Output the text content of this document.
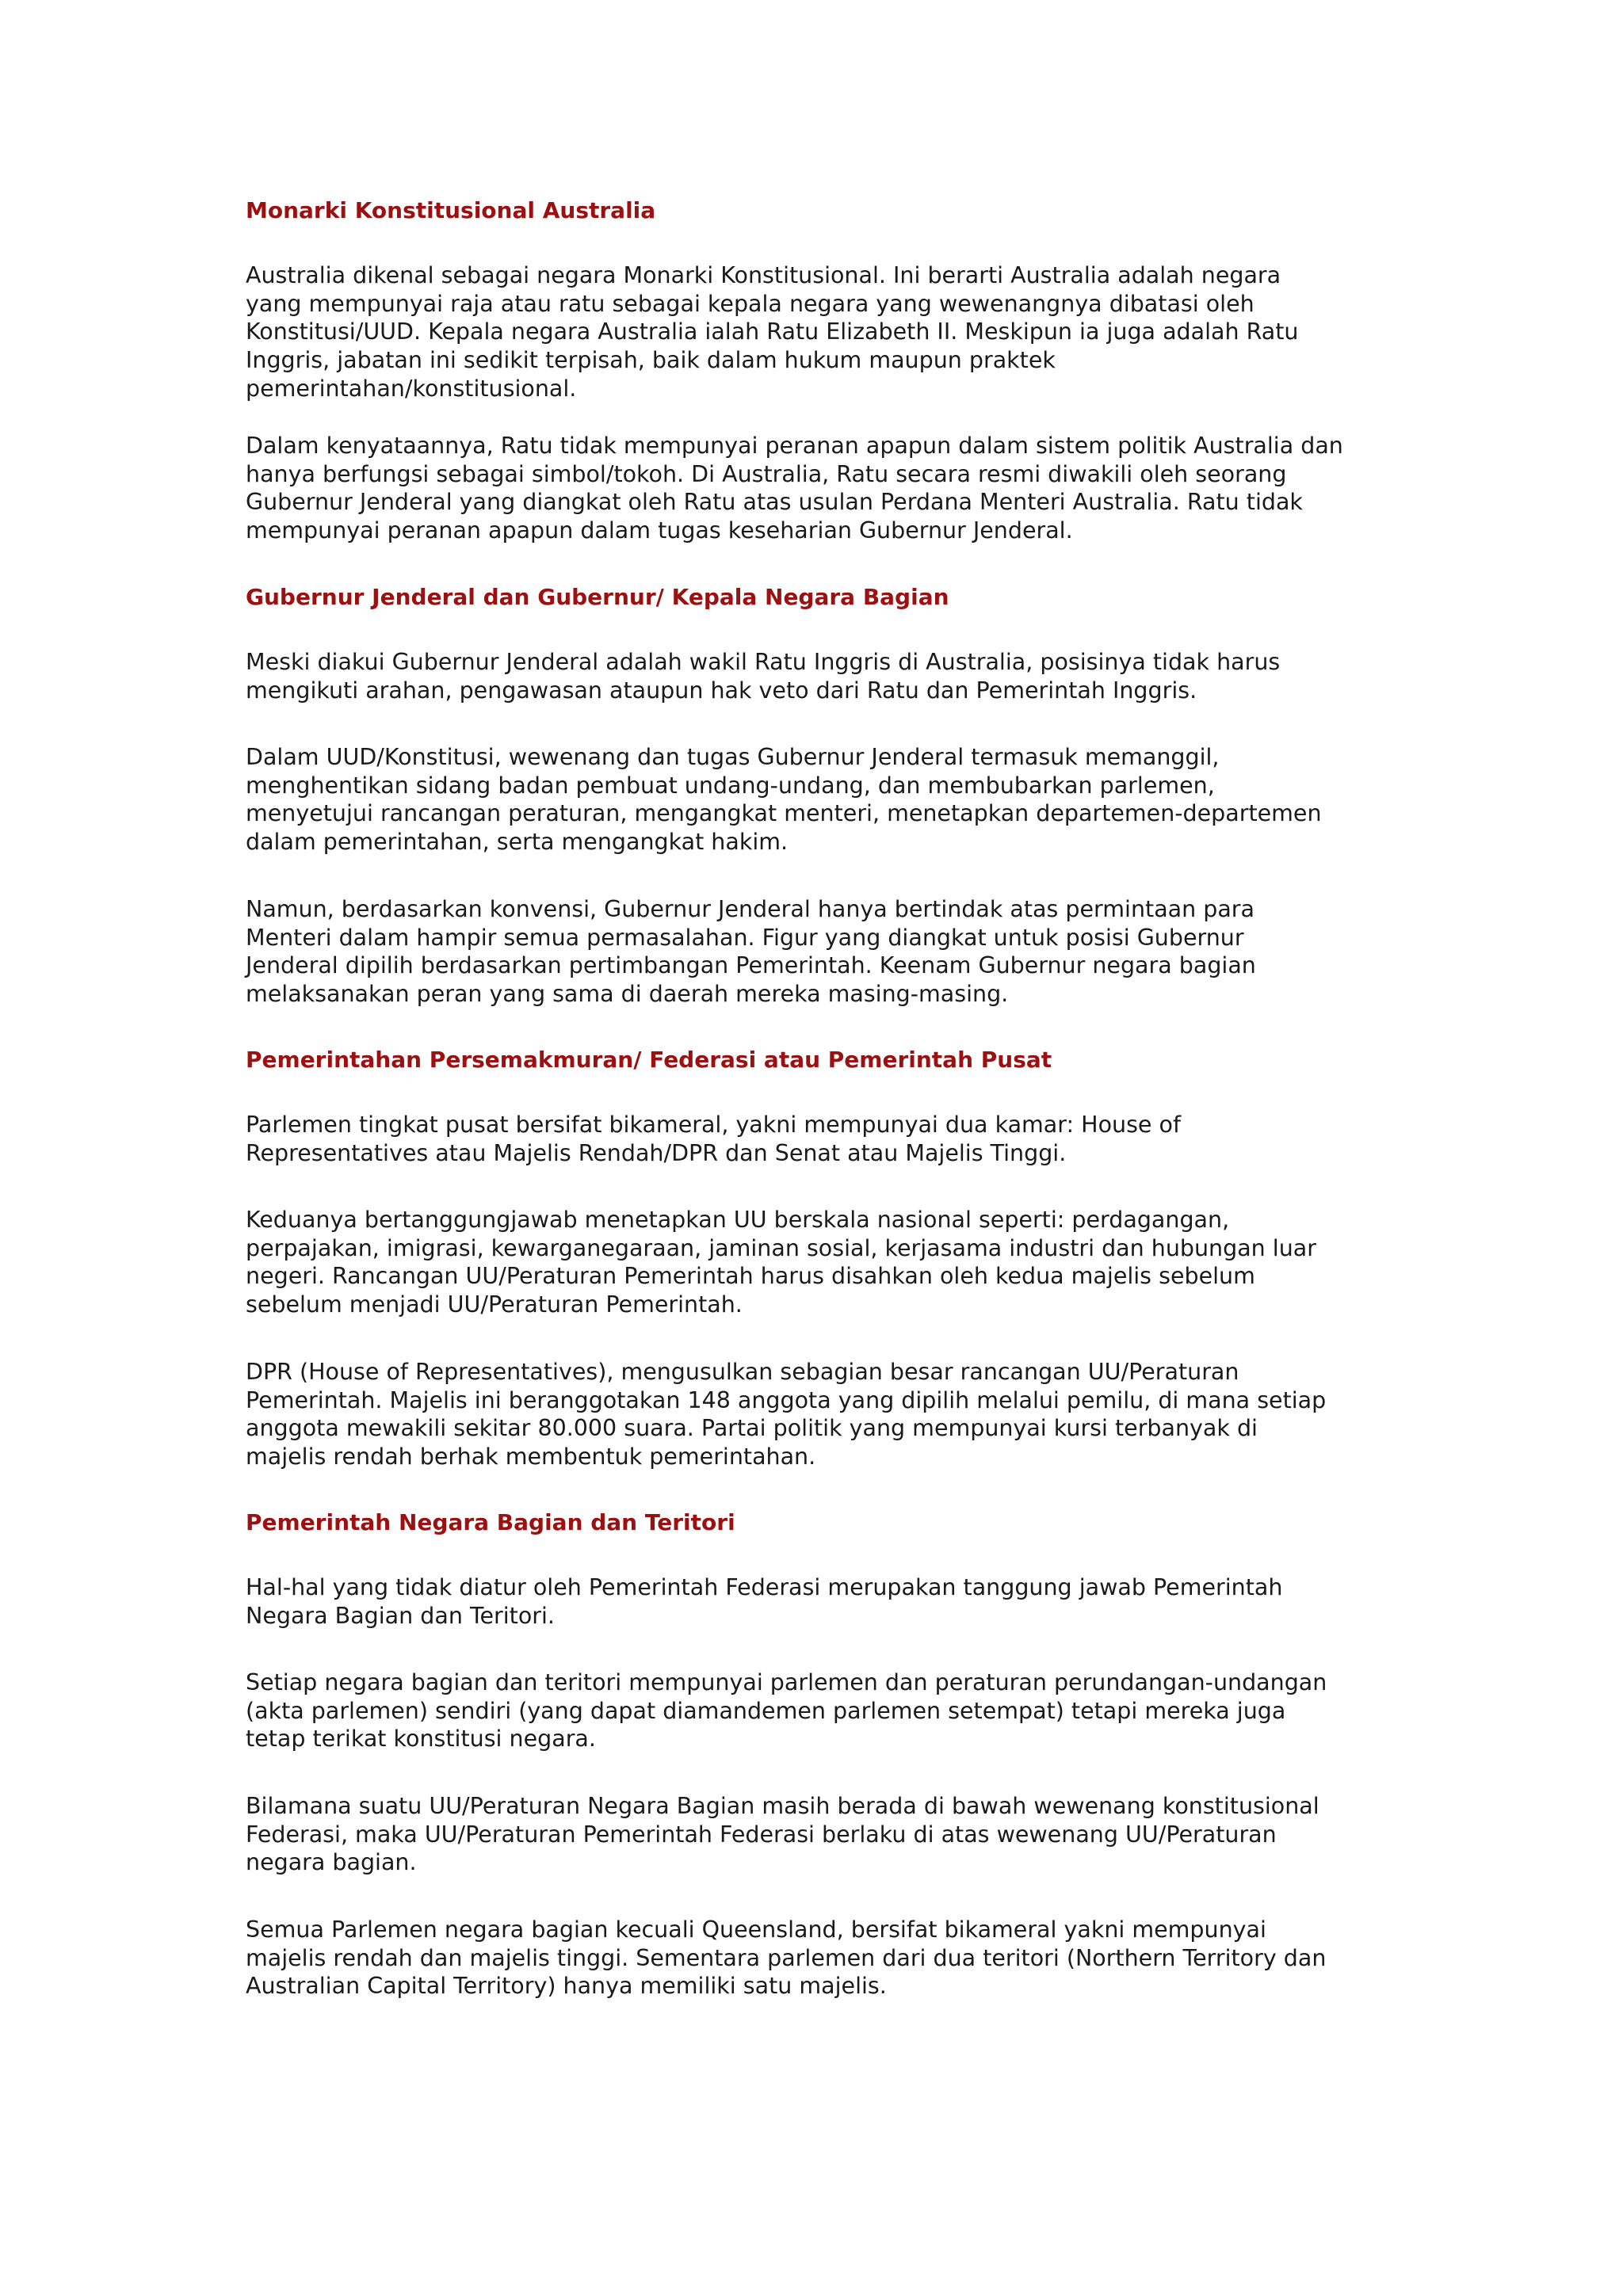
Monarki Konstitusional Australia

Australia dikenal sebagai negara Monarki Konstitusional. Ini berarti Australia adalah negara
yang mempunyai raja atau ratu sebagai kepala negara yang wewenangnya dibatasi oleh
Konstitusi/UUD. Kepala negara Australia ialah Ratu Elizabeth II. Meskipun ia juga adalah Ratu
Inggris, jabatan ini sedikit terpisah, baik dalam hukum maupun praktek
pemerintahan/konstitusional.

Dalam kenyataannya, Ratu tidak mempunyai peranan apapun dalam sistem politik Australia dan
hanya berfungsi sebagai simbol/tokoh. Di Australia, Ratu secara resmi diwakili oleh seorang
Gubernur Jenderal yang diangkat oleh Ratu atas usulan Perdana Menteri Australia. Ratu tidak
mempunyai peranan apapun dalam tugas keseharian Gubernur Jenderal.

Gubernur Jenderal dan Gubernur/ Kepala Negara Bagian

Meski diakui Gubernur Jenderal adalah wakil Ratu Inggris di Australia, posisinya tidak harus
mengikuti arahan, pengawasan ataupun hak veto dari Ratu dan Pemerintah Inggris.

Dalam UUD/Konstitusi, wewenang dan tugas Gubernur Jenderal termasuk memanggil,
menghentikan sidang badan pembuat undang-undang, dan membubarkan parlemen,
menyetujui rancangan peraturan, mengangkat menteri, menetapkan departemen-departemen
dalam pemerintahan, serta mengangkat hakim.

Namun, berdasarkan konvensi, Gubernur Jenderal hanya bertindak atas permintaan para
Menteri dalam hampir semua permasalahan. Figur yang diangkat untuk posisi Gubernur
Jenderal dipilih berdasarkan pertimbangan Pemerintah. Keenam Gubernur negara bagian
melaksanakan peran yang sama di daerah mereka masing-masing.

Pemerintahan Persemakmuran/ Federasi atau Pemerintah Pusat

Parlemen tingkat pusat bersifat bikameral, yakni mempunyai dua kamar: House of
Representatives atau Majelis Rendah/DPR dan Senat atau Majelis Tinggi.

Keduanya bertanggungjawab menetapkan UU berskala nasional seperti: perdagangan,
perpajakan, imigrasi, kewarganegaraan, jaminan sosial, kerjasama industri dan hubungan luar
negeri. Rancangan UU/Peraturan Pemerintah harus disahkan oleh kedua majelis sebelum
sebelum menjadi UU/Peraturan Pemerintah.

DPR (House of Representatives), mengusulkan sebagian besar rancangan UU/Peraturan
Pemerintah. Majelis ini beranggotakan 148 anggota yang dipilih melalui pemilu, di mana setiap
anggota mewakili sekitar 80.000 suara. Partai politik yang mempunyai kursi terbanyak di
majelis rendah berhak membentuk pemerintahan.

Pemerintah Negara Bagian dan Teritori

Hal-hal yang tidak diatur oleh Pemerintah Federasi merupakan tanggung jawab Pemerintah
Negara Bagian dan Teritori.

Setiap negara bagian dan teritori mempunyai parlemen dan peraturan perundangan-undangan
(akta parlemen) sendiri (yang dapat diamandemen parlemen setempat) tetapi mereka juga
tetap terikat konstitusi negara.

Bilamana suatu UU/Peraturan Negara Bagian masih berada di bawah wewenang konstitusional
Federasi, maka UU/Peraturan Pemerintah Federasi berlaku di atas wewenang UU/Peraturan
negara bagian.

Semua Parlemen negara bagian kecuali Queensland, bersifat bikameral yakni mempunyai
majelis rendah dan majelis tinggi. Sementara parlemen dari dua teritori (Northern Territory dan
Australian Capital Territory) hanya memiliki satu majelis.
